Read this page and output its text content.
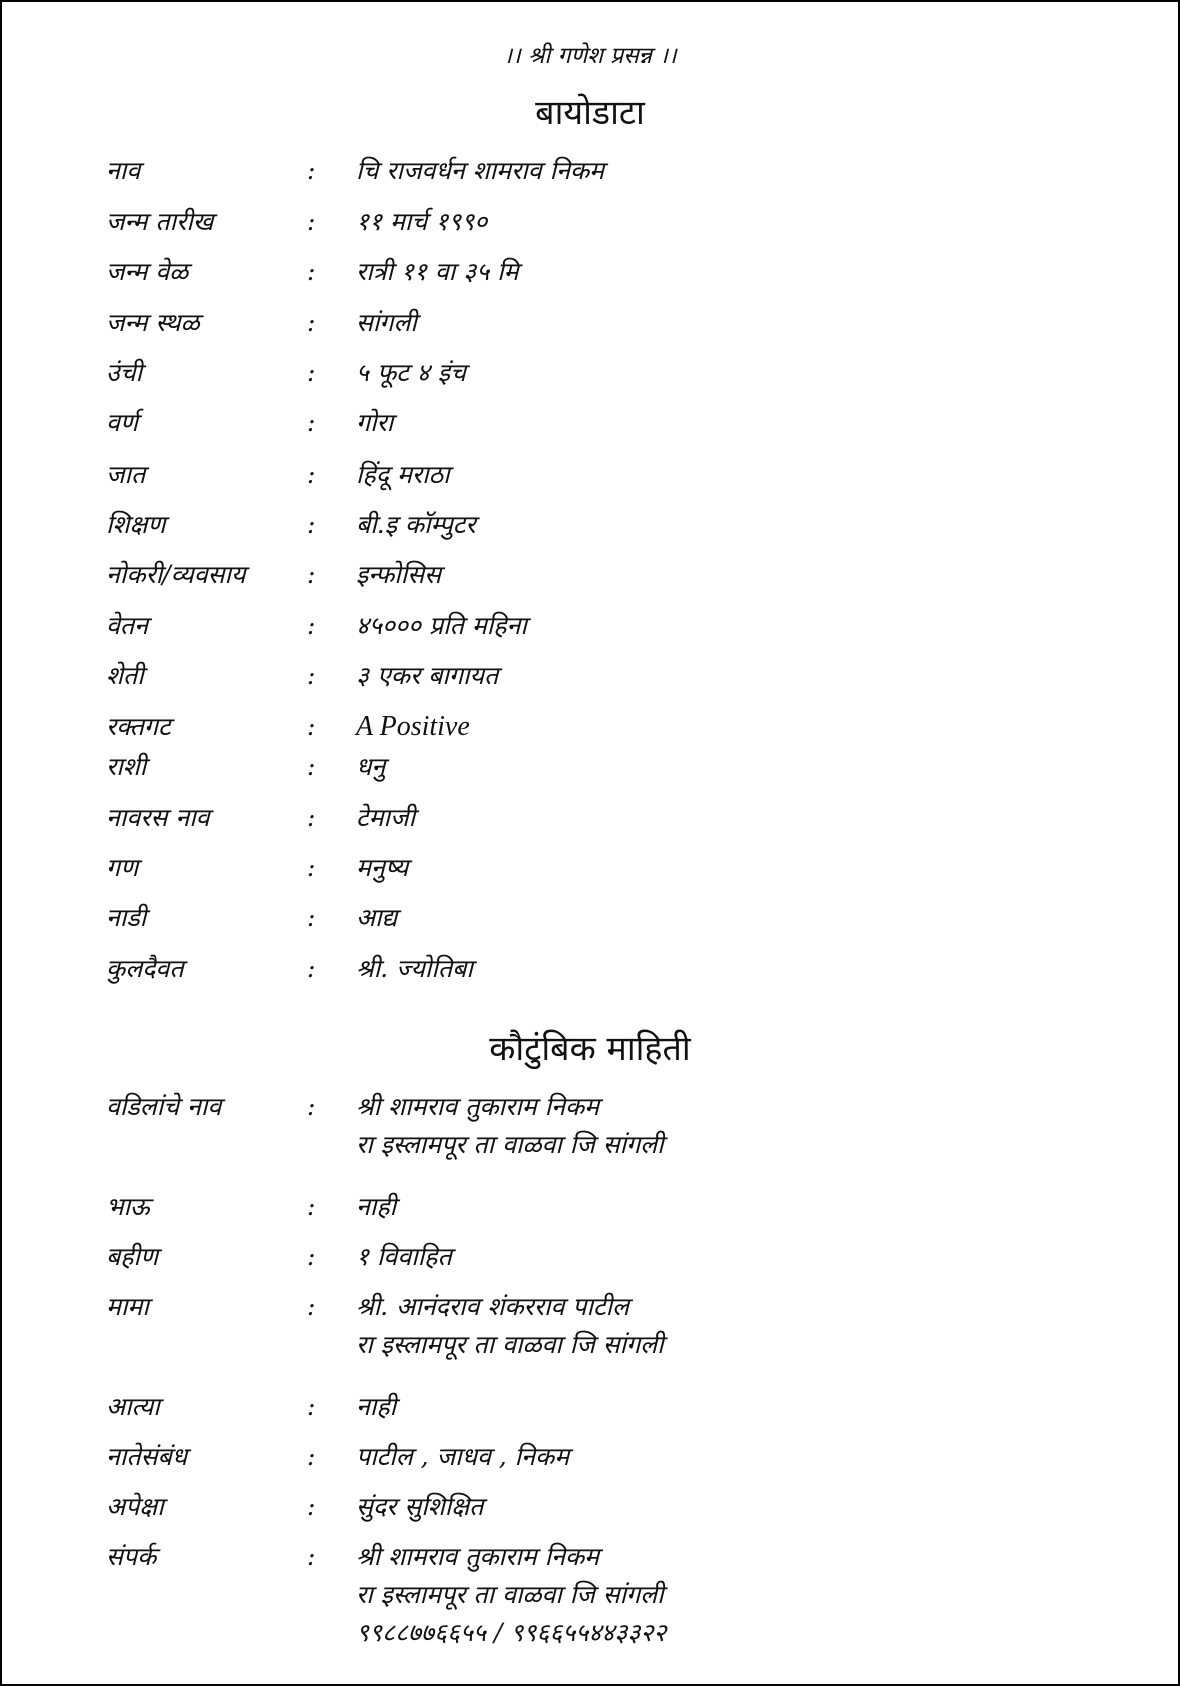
।। श्री गणेश प्रसन्न ।।
बायोडाटा
नाव	: चि राजवर्धन शामराव निकम
जन्म तारीख	: ११ मार्च १९९०
जन्म वेळ	: रात्री ११ वा ३५ मि
जन्म स्थळ	: सांगली
उंची	: ५ फूट ४ इंच
वर्ण	: गोरा
जात	: हिंदू मराठा
शिक्षण	: बी.इ कॉम्पुटर
नोकरी/व्यवसाय : इन्फोसिस
वेतन	: ४५००० प्रति महिना
शेती	: ३ एकर बागायत
रक्तगट	: A Positive
राशी	: धनु
नावरस नाव	: टेमाजी
गण	: मनुष्य
नाडी	: आद्य
कुलदैवत	: श्री. ज्योतिबा
कौटुंबिक माहिती
वडिलांचे नाव	: श्री शामराव तुकाराम निकम
रा इस्लामपूर ता वाळवा जि सांगली
भाऊ	: नाही
बहीण	: १ विवाहित
मामा	: श्री. आनंदराव शंकरराव पाटील
रा इस्लामपूर ता वाळवा जि सांगली
आत्या	: नाही
नातेसंबंध	: पाटील , जाधव , निकम
अपेक्षा	: सुंदर सुशिक्षित
संपर्क	: श्री शामराव तुकाराम निकम
रा इस्लामपूर ता वाळवा जि सांगली
९९८८७७६६५५ / ९९६६५५४४३३२२
